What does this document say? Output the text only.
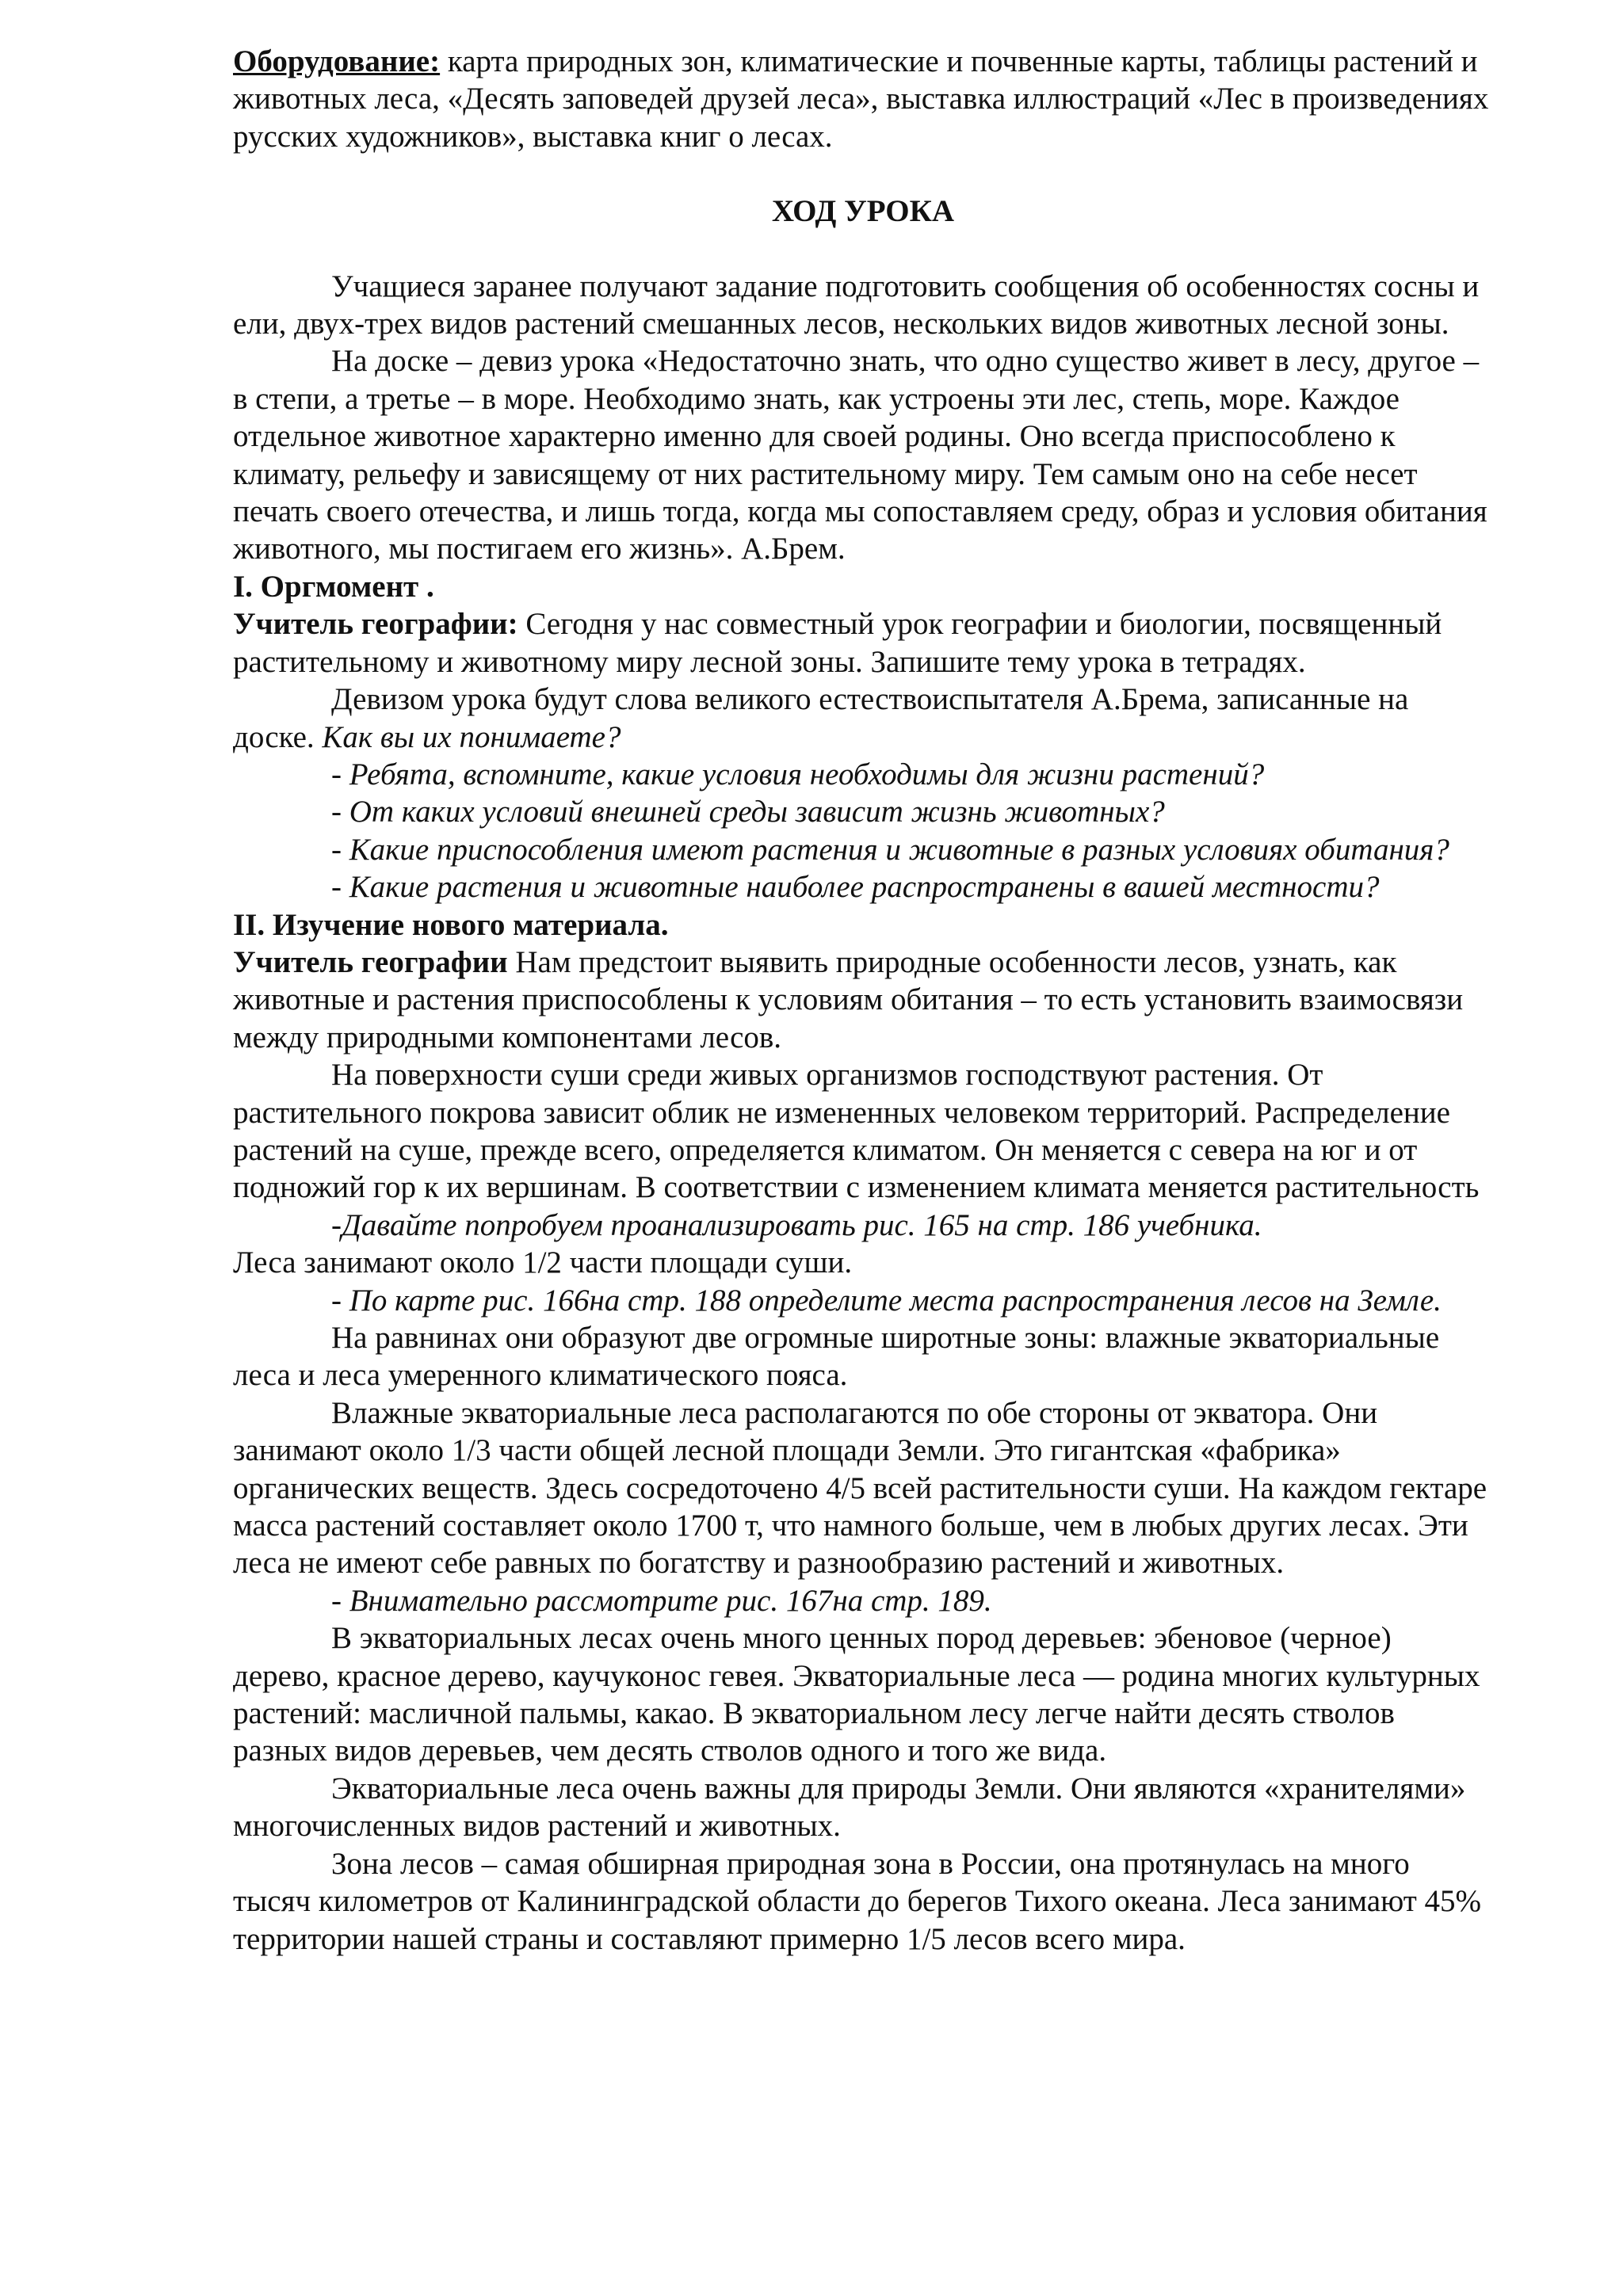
Оборудование: карта природных зон, климатические и почвенные карты, таблицы растений и животных леса, «Десять заповедей друзей леса», выставка иллюстраций «Лес в произведениях русских художников», выставка книг о лесах.

ХОД УРОКА

Учащиеся заранее получают задание подготовить сообщения об особенностях сосны и ели, двух-трех видов растений смешанных лесов, нескольких видов животных лесной зоны.

На доске – девиз урока «Недостаточно знать, что одно существо живет в лесу, другое – в степи, а третье – в море. Необходимо знать, как устроены эти лес, степь, море. Каждое отдельное животное характерно именно для своей родины. Оно всегда приспособлено к климату, рельефу и зависящему от них растительному миру. Тем самым оно на себе несет печать своего отечества, и лишь тогда, когда мы сопоставляем среду, образ и условия обитания животного, мы постигаем его жизнь». А.Брем.

I. Оргмомент .

Учитель географии: Сегодня у нас совместный урок географии и биологии, посвященный растительному и животному миру лесной зоны. Запишите тему урока в тетрадях.

Девизом урока будут слова великого естествоиспытателя А.Брема, записанные на доске. Как вы их понимаете?

- Ребята, вспомните, какие условия необходимы для жизни растений?

- От каких условий внешней среды зависит жизнь животных?

- Какие приспособления имеют растения и животные в разных условиях обитания?

- Какие растения и животные наиболее распространены в вашей местности?

II. Изучение нового материала.

Учитель географии Нам предстоит выявить природные особенности лесов, узнать, как животные и растения приспособлены к условиям обитания – то есть установить взаимосвязи между природными компонентами лесов.

На поверхности суши среди живых организмов господствуют растения. От растительного покрова зависит облик не измененных человеком территорий. Распределение растений на суше, прежде всего, определяется климатом. Он меняется с севера на юг и от подножий гор к их вершинам. В соответствии с изменением климата меняется растительность

-Давайте попробуем проанализировать рис. 165 на стр. 186 учебника.

Леса занимают около 1/2 части площади суши.

- По карте рис. 166на стр. 188 определите места распространения лесов на Земле.

На равнинах они образуют две огромные широтные зоны: влажные экваториальные леса и леса умеренного климатического пояса.

Влажные экваториальные леса располагаются по обе стороны от экватора. Они занимают около 1/3 части общей лесной площади Земли. Это гигантская «фабрика» органических веществ. Здесь сосредоточено 4/5 всей растительности суши. На каждом гектаре масса растений составляет около 1700 т, что намного больше, чем в любых других лесах. Эти леса не имеют себе равных по богатству и разнообразию растений и животных.

- Внимательно рассмотрите рис. 167на стр. 189.

В экваториальных лесах очень много ценных пород деревьев: эбеновое (черное) дерево, красное дерево, каучуконос гевея. Экваториальные леса — родина многих культурных растений: масличной пальмы, какао. В экваториальном лесу легче найти десять стволов разных видов деревьев, чем десять стволов одного и того же вида.

Экваториальные леса очень важны для природы Земли. Они являются «хранителями» многочисленных видов растений и животных.

Зона лесов – самая обширная природная зона в России, она протянулась на много тысяч километров от Калининградской области до берегов Тихого океана. Леса занимают 45% территории нашей страны и составляют примерно 1/5 лесов всего мира.
